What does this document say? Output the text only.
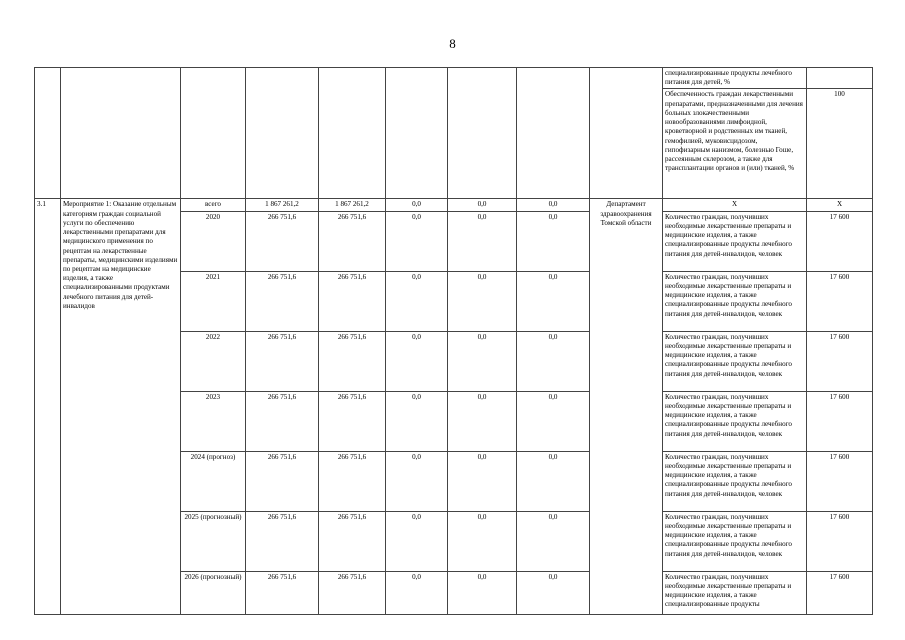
8
									специализированные продукты лечебного питания для детей, %	
									Обеспеченность граждан лекарственными препаратами, предназначенными для лечения больных злокачественными новообразованиями лимфоидной, кроветворной и родственных им тканей, гемофилией, муковисцидозом, гипофизарным нанизмом, болезнью Гоше, рассеянным склерозом, а также для трансплантации органов и (или) тканей, %	100
3.1	Мероприятие 1: Оказание отдельным категориям граждан социальной услуги по обеспечению лекарственными препаратами для медицинского применения по рецептам на лекарственные препараты, медицинскими изделиями по рецептам на медицинские изделия, а также специализированными продуктами лечебного питания для детей-инвалидов	всего	1 867 261,2	1 867 261,2	0,0	0,0	0,0	Департамент здравоохранения Томской области	Х	Х
		2020	266 751,6	266 751,6	0,0	0,0	0,0		Количество граждан, получивших необходимые лекарственные препараты и медицинские изделия, а также специализированные продукты лечебного питания для детей-инвалидов, человек	17 600
		2021	266 751,6	266 751,6	0,0	0,0	0,0		Количество граждан, получивших необходимые лекарственные препараты и медицинские изделия, а также специализированные продукты лечебного питания для детей-инвалидов, человек	17 600
		2022	266 751,6	266 751,6	0,0	0,0	0,0		Количество граждан, получивших необходимые лекарственные препараты и медицинские изделия, а также специализированные продукты лечебного питания для детей-инвалидов, человек	17 600
		2023	266 751,6	266 751,6	0,0	0,0	0,0		Количество граждан, получивших необходимые лекарственные препараты и медицинские изделия, а также специализированные продукты лечебного питания для детей-инвалидов, человек	17 600
		2024 (прогноз)	266 751,6	266 751,6	0,0	0,0	0,0		Количество граждан, получивших необходимые лекарственные препараты и медицинские изделия, а также специализированные продукты лечебного питания для детей-инвалидов, человек	17 600
		2025 (прогнозный)	266 751,6	266 751,6	0,0	0,0	0,0		Количество граждан, получивших необходимые лекарственные препараты и медицинские изделия, а также специализированные продукты лечебного питания для детей-инвалидов, человек	17 600
		2026 (прогнозный)	266 751,6	266 751,6	0,0	0,0	0,0		Количество граждан, получивших необходимые лекарственные препараты и медицинские изделия, а также специализированные продукты	17 600
